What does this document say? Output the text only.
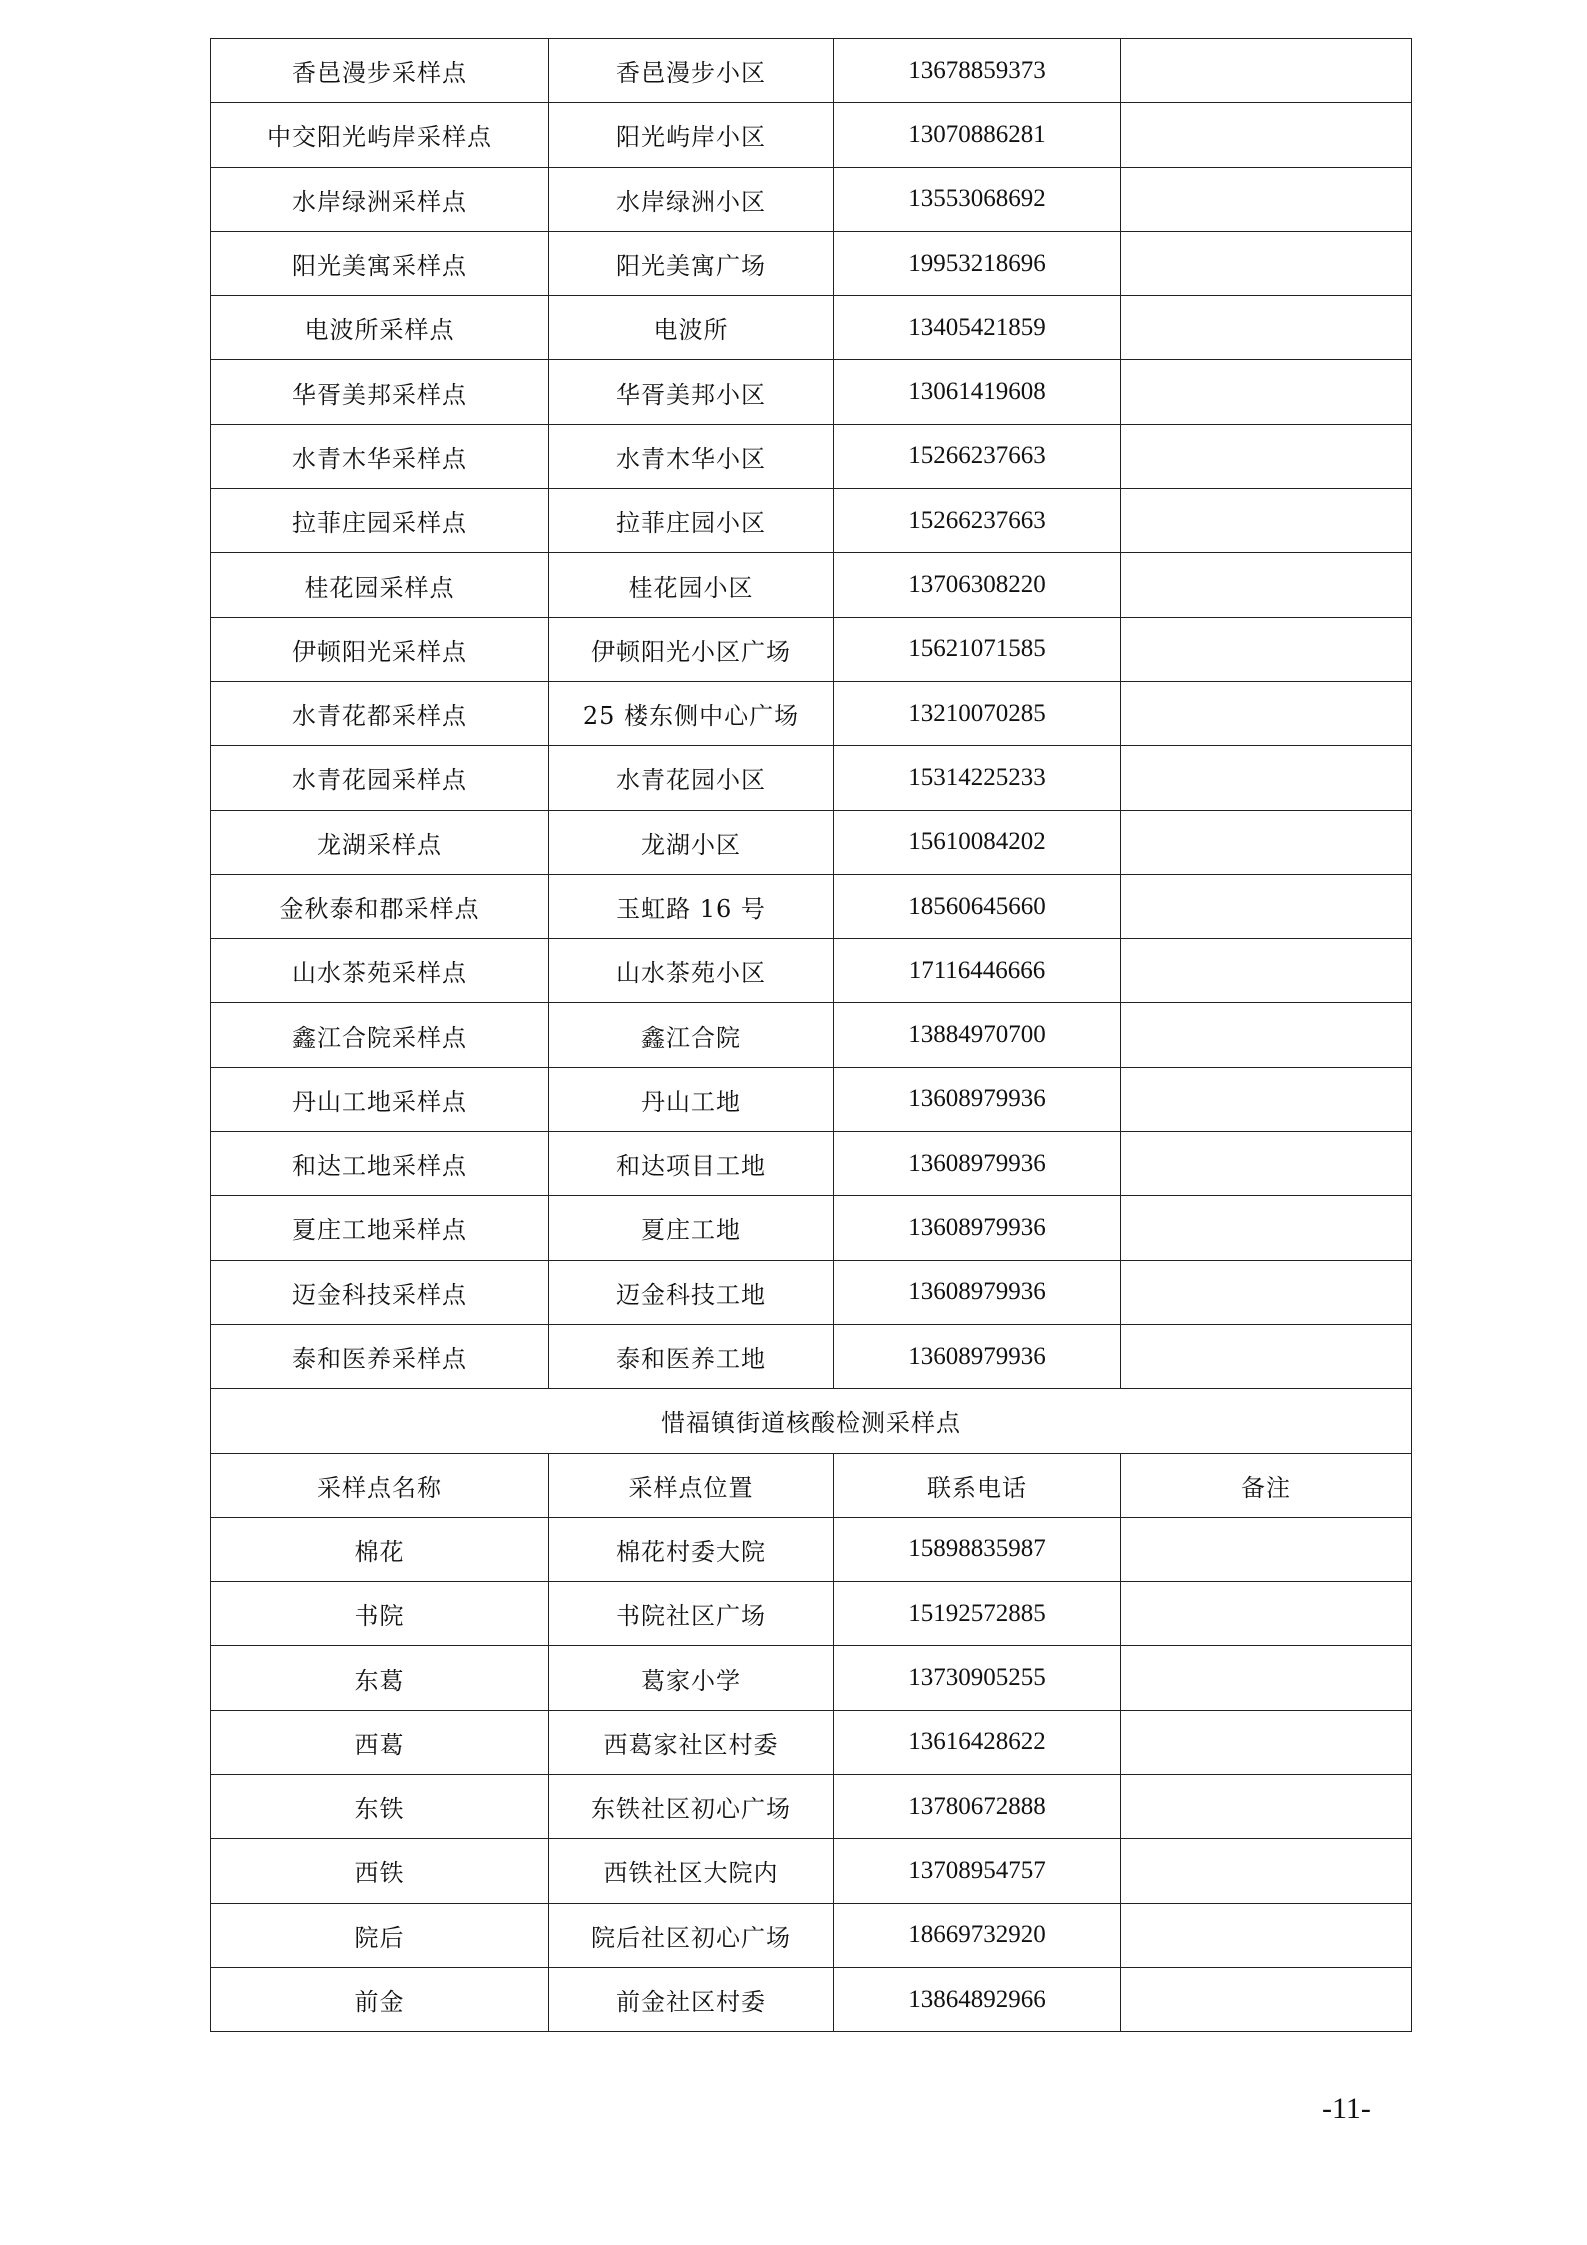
香邑漫步采样点	香邑漫步小区	13678859373	
中交阳光屿岸采样点	阳光屿岸小区	13070886281	
水岸绿洲采样点	水岸绿洲小区	13553068692	
阳光美寓采样点	阳光美寓广场	19953218696	
电波所采样点	电波所	13405421859	
华胥美邦采样点	华胥美邦小区	13061419608	
水青木华采样点	水青木华小区	15266237663	
拉菲庄园采样点	拉菲庄园小区	15266237663	
桂花园采样点	桂花园小区	13706308220	
伊顿阳光采样点	伊顿阳光小区广场	15621071585	
水青花都采样点	25 楼东侧中心广场	13210070285	
水青花园采样点	水青花园小区	15314225233	
龙湖采样点	龙湖小区	15610084202	
金秋泰和郡采样点	玉虹路 16 号	18560645660	
山水茶苑采样点	山水茶苑小区	17116446666	
鑫江合院采样点	鑫江合院	13884970700	
丹山工地采样点	丹山工地	13608979936	
和达工地采样点	和达项目工地	13608979936	
夏庄工地采样点	夏庄工地	13608979936	
迈金科技采样点	迈金科技工地	13608979936	
泰和医养采样点	泰和医养工地	13608979936	
惜福镇街道核酸检测采样点			
采样点名称	采样点位置	联系电话	备注
棉花	棉花村委大院	15898835987	
书院	书院社区广场	15192572885	
东葛	葛家小学	13730905255	
西葛	西葛家社区村委	13616428622	
东铁	东铁社区初心广场	13780672888	
西铁	西铁社区大院内	13708954757	
院后	院后社区初心广场	18669732920	
前金	前金社区村委	13864892966	
-11-
